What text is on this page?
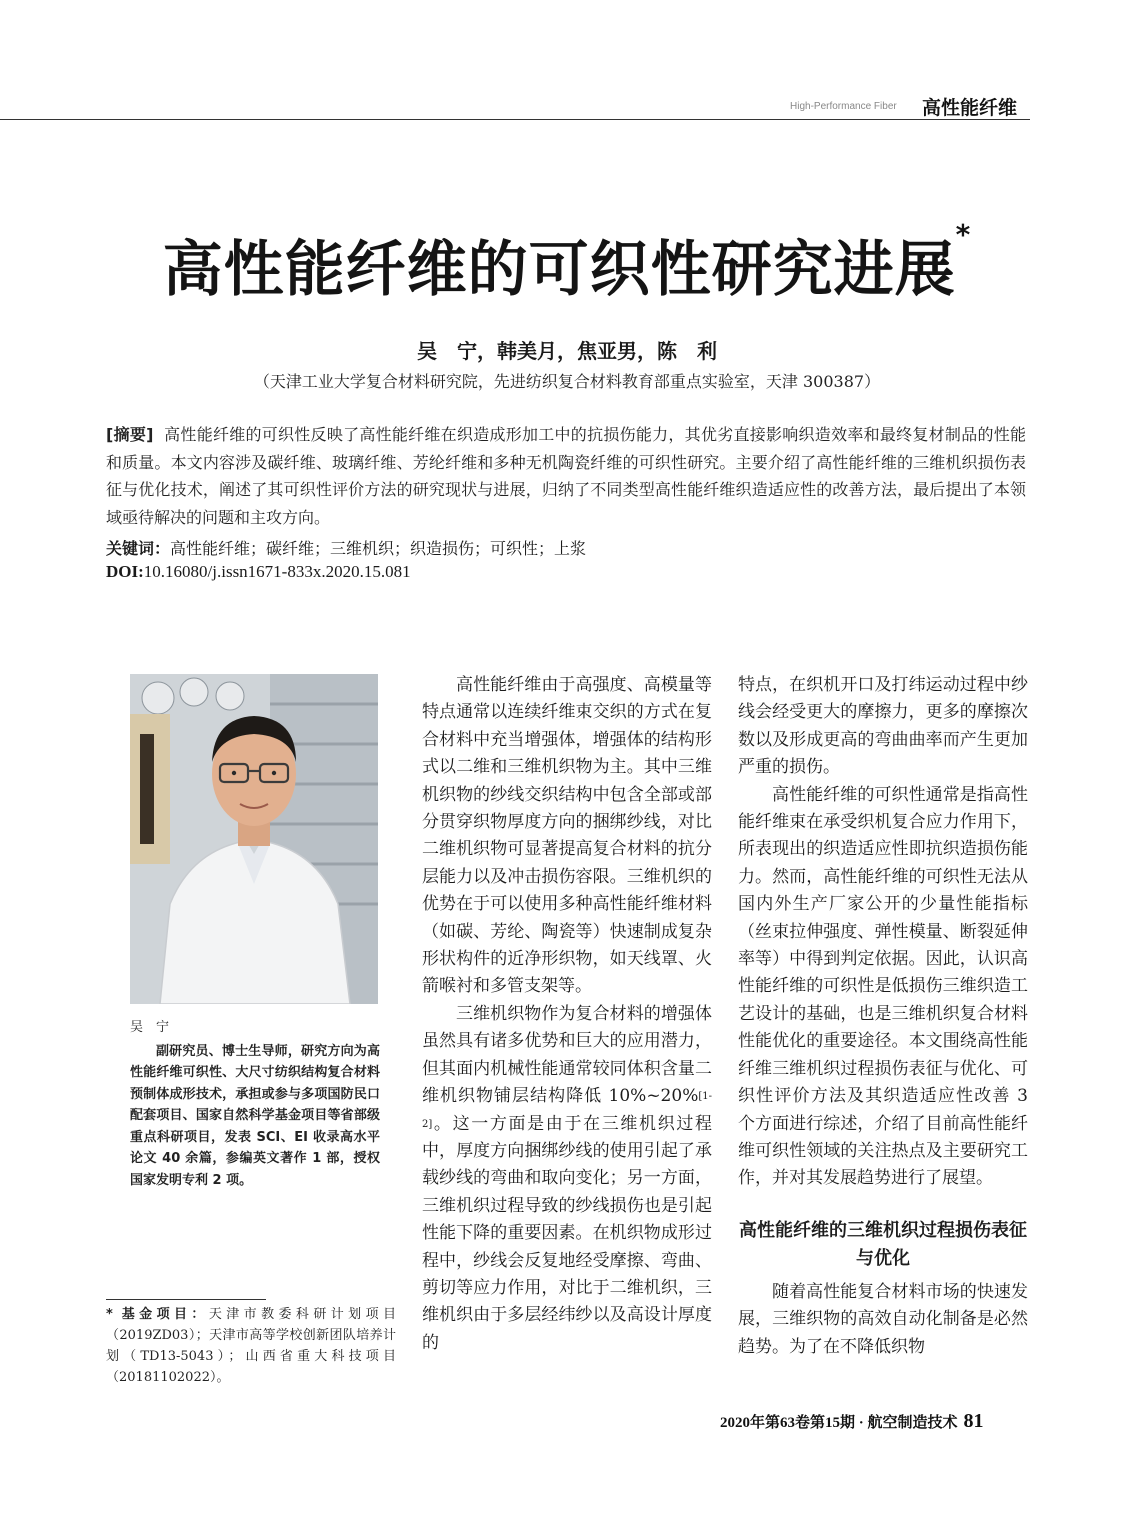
High-Performance Fiber 高性能纤维
高性能纤维的可织性研究进展*
吴　宁，韩美月，焦亚男，陈　利
（天津工业大学复合材料研究院，先进纺织复合材料教育部重点实验室，天津 300387）
[摘要] 高性能纤维的可织性反映了高性能纤维在织造成形加工中的抗损伤能力，其优劣直接影响织造效率和最终复材制品的性能和质量。本文内容涉及碳纤维、玻璃纤维、芳纶纤维和多种无机陶瓷纤维的可织性研究。主要介绍了高性能纤维的三维机织损伤表征与优化技术，阐述了其可织性评价方法的研究现状与进展，归纳了不同类型高性能纤维织造适应性的改善方法，最后提出了本领域亟待解决的问题和主攻方向。
关键词：高性能纤维；碳纤维；三维机织；织造损伤；可织性；上浆
DOI:10.16080/j.issn1671-833x.2020.15.081
吴　宁
副研究员、博士生导师，研究方向为高性能纤维可织性、大尺寸纺织结构复合材料预制体成形技术，承担或参与多项国防民口配套项目、国家自然科学基金项目等省部级重点科研项目，发表 SCI、EI 收录高水平论文 40 余篇，参编英文著作 1 部，授权国家发明专利 2 项。
* 基金项目：天津市教委科研计划项目（2019ZD03）；天津市高等学校创新团队培养计划（TD13-5043）；山西省重大科技项目（20181102022）。

高性能纤维由于高强度、高模量等特点通常以连续纤维束交织的方式在复合材料中充当增强体，增强体的结构形式以二维和三维机织物为主。其中三维机织物的纱线交织结构中包含全部或部分贯穿织物厚度方向的捆绑纱线，对比二维机织物可显著提高复合材料的抗分层能力以及冲击损伤容限。三维机织的优势在于可以使用多种高性能纤维材料（如碳、芳纶、陶瓷等）快速制成复杂形状构件的近净形织物，如天线罩、火箭喉衬和多管支架等。

三维机织物作为复合材料的增强体虽然具有诸多优势和巨大的应用潜力，但其面内机械性能通常较同体积含量二维机织物铺层结构降低 10%~20%[1-2]。这一方面是由于在三维机织过程中，厚度方向捆绑纱线的使用引起了承载纱线的弯曲和取向变化；另一方面，三维机织过程导致的纱线损伤也是引起性能下降的重要因素。在机织物成形过程中，纱线会反复地经受摩擦、弯曲、剪切等应力作用，对比于二维机织，三维机织由于多层经纬纱以及高设计厚度的

特点，在织机开口及打纬运动过程中纱线会经受更大的摩擦力，更多的摩擦次数以及形成更高的弯曲曲率而产生更加严重的损伤。

高性能纤维的可织性通常是指高性能纤维束在承受织机复合应力作用下，所表现出的织造适应性即抗织造损伤能力。然而，高性能纤维的可织性无法从国内外生产厂家公开的少量性能指标（丝束拉伸强度、弹性模量、断裂延伸率等）中得到判定依据。因此，认识高性能纤维的可织性是低损伤三维织造工艺设计的基础，也是三维机织复合材料性能优化的重要途径。本文围绕高性能纤维三维机织过程损伤表征与优化、可织性评价方法及其织造适应性改善 3 个方面进行综述，介绍了目前高性能纤维可织性领域的关注热点及主要研究工作，并对其发展趋势进行了展望。

高性能纤维的三维机织过程损伤表征与优化

随着高性能复合材料市场的快速发展，三维织物的高效自动化制备是必然趋势。为了在不降低织物

2020年第63卷第15期 · 航空制造技术 81
